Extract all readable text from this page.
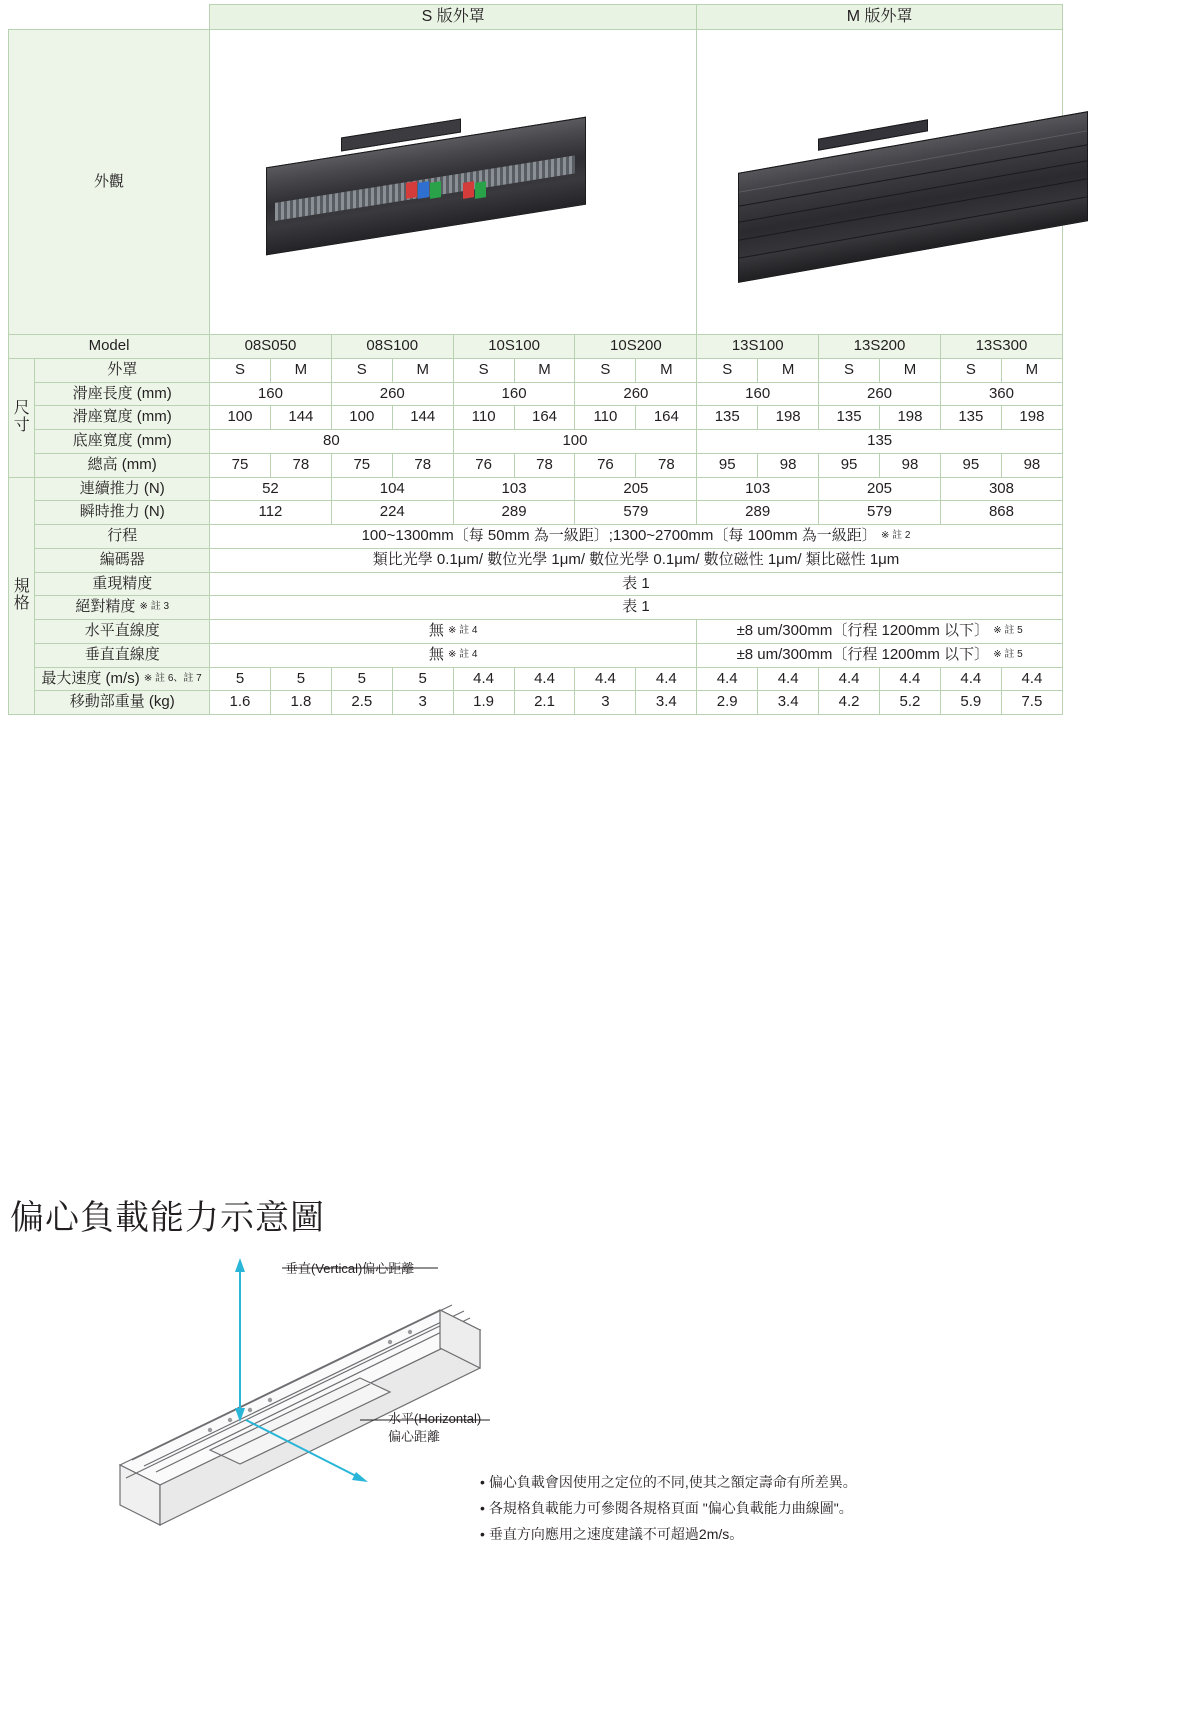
		S 版外罩								M 版外罩					
外觀														

Model		08S050		08S100		10S100		10S200		13S100		13S200		13S300	

尺
寸	外罩	S	M	S	M	S	M	S	M	S	M	S	M	S	M
	滑座長度 (mm)	160		260		160		260		160		260		360	
	滑座寬度 (mm)	100	144	100	144	110	164	110	164	135	198	135	198	135	198
	底座寬度 (mm)	80				100				135					
	總高 (mm)	75	78	75	78	76	78	76	78	95	98	95	98	95	98

規
格	連續推力 (N)	52		104		103		205		103		205		308	
	瞬時推力 (N)	112		224		289		579		289		579		868	
	行程	100~1300mm〔每 50mm 為一級距〕;1300~2700mm〔每 100mm 為一級距〕 ※ 註 2													
	編碼器	類比光學 0.1μm/ 數位光學 1μm/ 數位光學 0.1μm/ 數位磁性 1μm/ 類比磁性 1μm													
	重現精度	表 1													
	絕對精度 ※ 註 3	表 1													
	水平直線度	無 ※ 註 4								±8 um/300mm〔行程 1200mm 以下〕 ※ 註 5					
	垂直直線度	無 ※ 註 4								±8 um/300mm〔行程 1200mm 以下〕 ※ 註 5					
	最大速度 (m/s) ※ 註 6、註 7	5	5	5	5	4.4	4.4	4.4	4.4	4.4	4.4	4.4	4.4	4.4	4.4
	移動部重量 (kg)	1.6	1.8	2.5	3	1.9	2.1	3	3.4	2.9	3.4	4.2	5.2	5.9	7.5
偏心負載能力示意圖
垂直(Vertical)偏心距離
水平(Horizontal)
偏心距離
• 偏心負載會因使用之定位的不同,使其之額定壽命有所差異。
• 各規格負載能力可參閱各規格頁面 "偏心負載能力曲線圖"。
• 垂直方向應用之速度建議不可超過2m/s。
